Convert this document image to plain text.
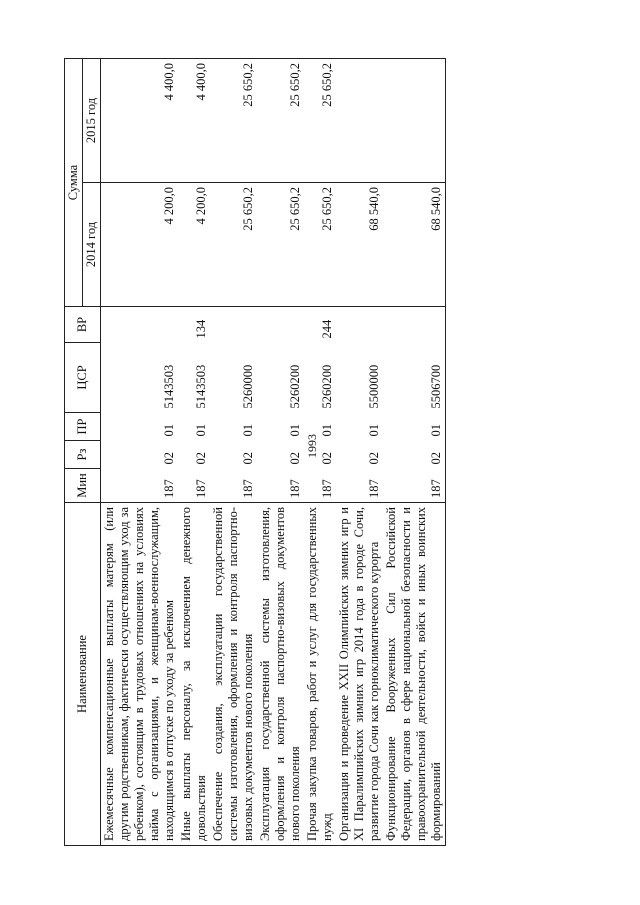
1993
Наименование	Мин	Рз	ПР	ЦСР	ВР	Сумма	
						2014 год	2015 год
Ежемесячные компенсационные выплаты матерям (или другим родственникам, фактически осуществляющим уход за ребенком), состоящим в трудовых отношениях на условиях найма с организациями, и женщинам-военнослужащим, находящимся в отпуске по уходу за ребенком	187	02	01	5143503		4 200,0	4 400,0
Иные выплаты персоналу, за исключением денежного довольствия	187	02	01	5143503	134	4 200,0	4 400,0
Обеспечение создания, эксплуатации государственной системы изготовления, оформления и контроля паспортно-визовых документов нового поколения	187	02	01	5260000		25 650,2	25 650,2
Эксплуатация государственной системы изготовления, оформления и контроля паспортно-визовых документов нового поколения	187	02	01	5260200		25 650,2	25 650,2
Прочая закупка товаров, работ и услуг для государственных нужд	187	02	01	5260200	244	25 650,2	25 650,2
Организация и проведение XXII Олимпийских зимних игр и XI Паралимпийских зимних игр 2014 года в городе Сочи, развитие города Сочи как горноклиматического курорта	187	02	01	5500000		68 540,0	
Функционирование Вооруженных Сил Российской Федерации, органов в сфере национальной безопасности и правоохранительной деятельности, войск и иных воинских формирований	187	02	01	5506700		68 540,0	
